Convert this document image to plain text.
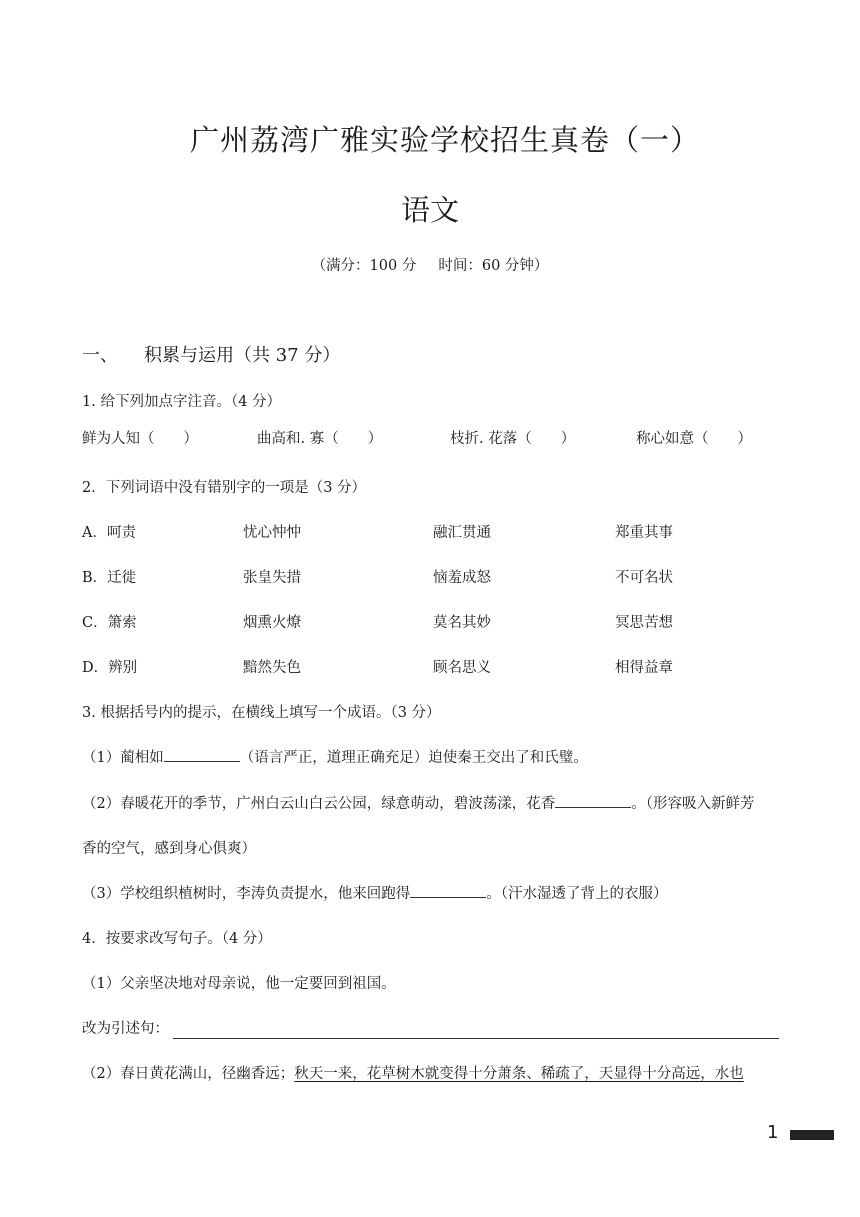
广州荔湾广雅实验学校招生真卷（一）
语文
（满分：100 分 时间：60 分钟）
一、 积累与运用（共 37 分）
1. 给下列加点字注音。（4 分）
鲜为人知（　　）	曲高和. 寡（　　）	枝折. 花落（　　）	称心如意（　　）
2．下列词语中没有错别字的一项是（3 分）
A．呵责	忧心忡忡	融汇贯通	郑重其事
B．迁徙	张皇失措	恼羞成怒	不可名状
C．箫索	烟熏火燎	莫名其妙	冥思苦想
D．辨别	黯然失色	顾名思义	相得益章
3. 根据括号内的提示，在横线上填写一个成语。（3 分）
（1）蔺相如	（语言严正，道理正确充足）迫使秦王交出了和氏璧。
（2）春暖花开的季节，广州白云山白云公园，绿意萌动，碧波荡漾，花香	。（形容吸入新鲜芳
香的空气，感到身心俱爽）
（3）学校组织植树时，李涛负责提水，他来回跑得	。（汗水湿透了背上的衣服）
4．按要求改写句子。（4 分）
（1）父亲坚决地对母亲说，他一定要回到祖国。
改为引述句：
（2）春日黄花满山，径幽香远；秋天一来，花草树木就变得十分萧条、稀疏了，天显得十分高远，水也
1
